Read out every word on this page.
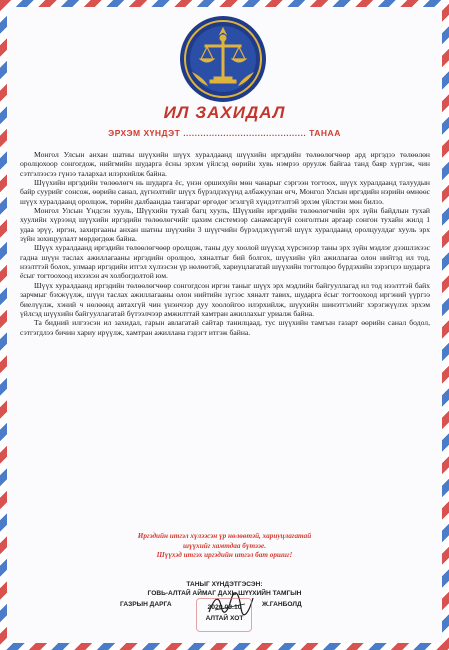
ИЛ ЗАХИДАЛ
ЭРХЭМ ХҮНДЭТ ........................................... ТАНАА

Монгол Улсын анхан шатны шүүхийн шүүх хуралдаанд шүүхийн иргэдийн төлөөлөгчөөр ард иргэдээ төлөөлөн оролцохоор сонгогдож, нийгмийн шударга ёсны эрхэм үйлсэд өөрийн хувь нэмрээ оруулж байгаа танд баяр хүргэж, чин сэтгэлээсээ гүнээ талархал илэрхийлж байна.

Шүүхийн иргэдийн төлөөлөгч нь шударга ёс, үнэн оршихуйн мөн чанарыг сэргээн тогтоох, шүүх хуралдаанд талуудын байр суурийг сонсож, өөрийн санал, дүгнэлтийг шүүх бүрэлдэхүүнд албажуулан өгч, Монгол Улсын иргэдийн нэрийн өмнөөс шүүх хуралдаанд оролцож, төрийн далбаандаа тангараг өргөдөг эгэлгүй хүндэтгэлтэй эрхэм үйлстэн мөн билээ.

Монгол Улсын Үндсэн хууль, Шүүхийн тухай багц хууль, Шүүхийн иргэдийн төлөөлөгчийн эрх зүйн байдлын тухай хуулийн хүрээнд шүүхийн иргэдийн төлөөлөгчийг цахим системээр санамсаргүй сонголтын аргаар сонгон тухайн жилд 1 удаа эрүү, иргэн, захиргааны анхан шатны шүүхийн 3 шүүгчийн бүрэлдэхүүнтэй шүүх хуралдаанд оролцуулдаг хууль эрх зүйн зохицуулалт мөрдөгдөж байна.

Шүүх хуралдаанд иргэдийн төлөөлөгчөөр оролцож, таны дуу хоолой шүүхэд хүрсэнээр таны эрх зүйн мэдлэг дээшлэхээс гадна шүүн таслах ажиллагааны иргэдийн оролцоо, хяналтыг бий болгох, шүүхийн үйл ажиллагаа олон нийтэд ил тод, нээлттэй болох, улмаар иргэдийн итгэл хүлээсэн үр нөлөөтэй, хариуцлагатай шүүхийн тогтолцоо бүрдэхийн зэрэгцээ шударга ёсыг тогтоохоод ихээхэн ач холбогдолтой юм.

Шүүх хуралдаанд иргэдийн төлөөлөгчөөр сонгогдсон иргэн таныг шүүх эрх мэдлийн байгууллагад ил тод нээлттэй байх зарчмыг бэхжүүлж, шүүн таслах ажиллагааны олон нийтийн зүгээс хяналт тавих, шударга ёсыг тогтоохоод иргэний үүргээ биелүүлж, хэний ч нөлөөнд автахгүй чин үнэнчээр дуу хоолойгоо илэрхийлж, шүүхийн шинэтгэлийг хэрэгжүүлэх эрхэм үйлсэд шүүхийн байгууллагатай бүтээлчээр амжилттай хамтран ажиллахыг уриалж байна.

Та бидний илгээсэн ил захидал, гарын авлагатай сайтар танилцаад, тус шүүхийн тамгын газарт өөрийн санал бодол, сэтгэгдлээ бичин хариу ирүүлж, хамтран ажиллана гэдэгт итгэж байна.

Иргэдийн итгэл хүлээсэн үр нөлөөтэй, хариуцлагатай
шүүхийг хамтдаа бүтээе.
Шүүхэд итгэх иргэдийн итгэл бат оршиг!
ТАНЫГ ХҮНДЭТГЭСЭН:
ГОВЬ-АЛТАЙ АЙМАГ ДАХЬ ШҮҮХИЙН ТАМГЫН
ГАЗРЫН ДАРГА	Ж.ГАНБОЛД
2020.03.10
АЛТАЙ ХОТ
